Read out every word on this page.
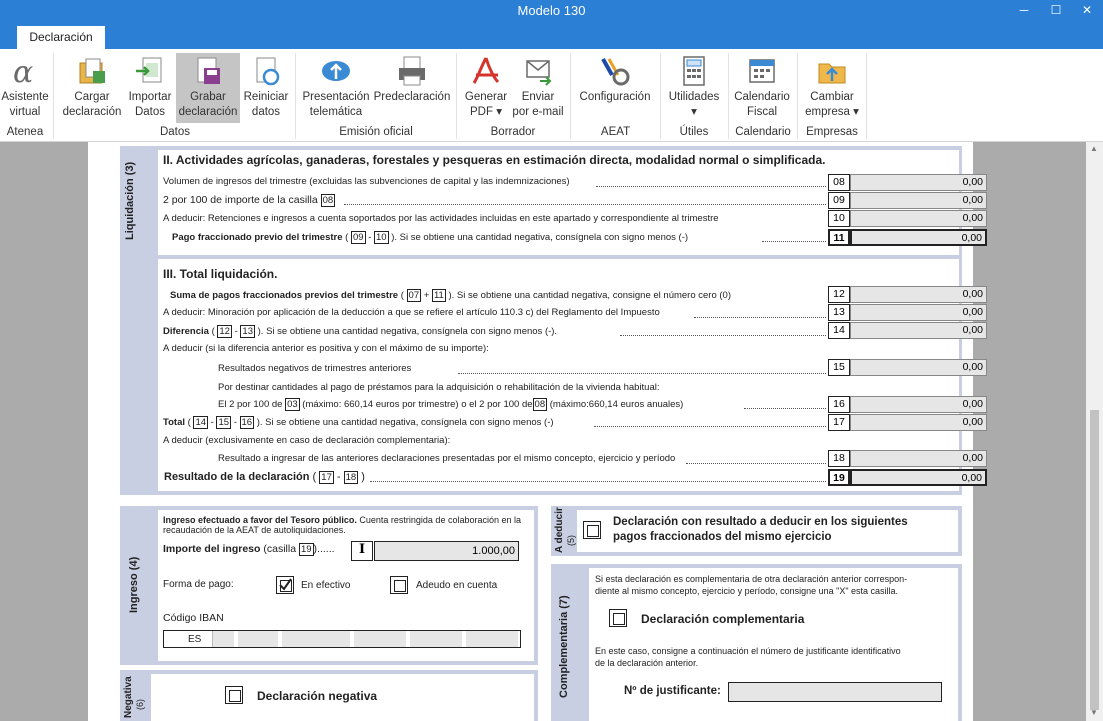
Modelo 130	─	☐	✕
Declaración
α
Asistente
virtual
Cargar
declaración
Importar
Datos
Grabar
declaración
Reiniciar
datos
Presentación
telemática
Predeclaración	Generar
PDF ▾
Enviar
por e-mail
Configuración	Utilidades
▾
Calendario
Fiscal
Cambiar
empresa ▾
Atenea	Datos	Emisión oficial	Borrador	AEAT	Útiles	Calendario	Empresas
Liquidación (3)
II. Actividades agrícolas, ganaderas, forestales y pesqueras en estimación directa, modalidad normal o simplificada.
Volumen de ingresos del trimestre (excluidas las subvenciones de capital y las indemnizaciones)	08	0,00
2 por 100 de importe de la casilla 08	09	0,00
A deducir: Retenciones e ingresos a cuenta soportados por las actividades incluidas en este apartado y correspondiente al trimestre	10	0,00
Pago fraccionado previo del trimestre ( 09 - 10 ). Si se obtiene una cantidad negativa, consígnela con signo menos (-)	11	0,00
III. Total liquidación.
Suma de pagos fraccionados previos del trimestre ( 07 + 11 ). Si se obtiene una cantidad negativa, consigne el número cero (0)	12	0,00
A deducir: Minoración por aplicación de la deducción a que se refiere el artículo 110.3 c) del Reglamento del Impuesto	13	0,00
Diferencia ( 12 - 13 ). Si se obtiene una cantidad negativa, consígnela con signo menos (-).	14	0,00
A deducir (si la diferencia anterior es positiva y con el máximo de su importe):
Resultados negativos de trimestres anteriores	15	0,00
Por destinar cantidades al pago de préstamos para la adquisición o rehabilitación de la vivienda habitual:
El 2 por 100 de 03 (máximo: 660,14 euros por trimestre) o el 2 por 100 de 08 (máximo:660,14 euros anuales)	16	0,00
Total ( 14 - 15 - 16 ). Si se obtiene una cantidad negativa, consígnela con signo menos (-)	17	0,00
A deducir (exclusivamente en caso de declaración complementaria):
Resultado a ingresar de las anteriores declaraciones presentadas por el mismo concepto, ejercicio y período	18	0,00
Resultado de la declaración ( 17 - 18 )	19	0,00
Ingreso (4)
Ingreso efectuado a favor del Tesoro público. Cuenta restringida de colaboración en la
recaudación de la AEAT de autoliquidaciones.
Importe del ingreso (casilla 19 )......	I	1.000,00
Forma de pago:	En efectivo	Adeudo en cuenta
Código IBAN
ES
A deducir (5)
Declaración con resultado a deducir en los siguientes
pagos fraccionados del mismo ejercicio
Complementaria (7)
Si esta declaración es complementaria de otra declaración anterior correspon-
diente al mismo concepto, ejercicio y período, consigne una "X" esta casilla.
Declaración complementaria
En este caso, consigne a continuación el número de justificante identificativo
de la declaración anterior.
Nº de justificante:
Negativa (6)
Declaración negativa
▲
▼
